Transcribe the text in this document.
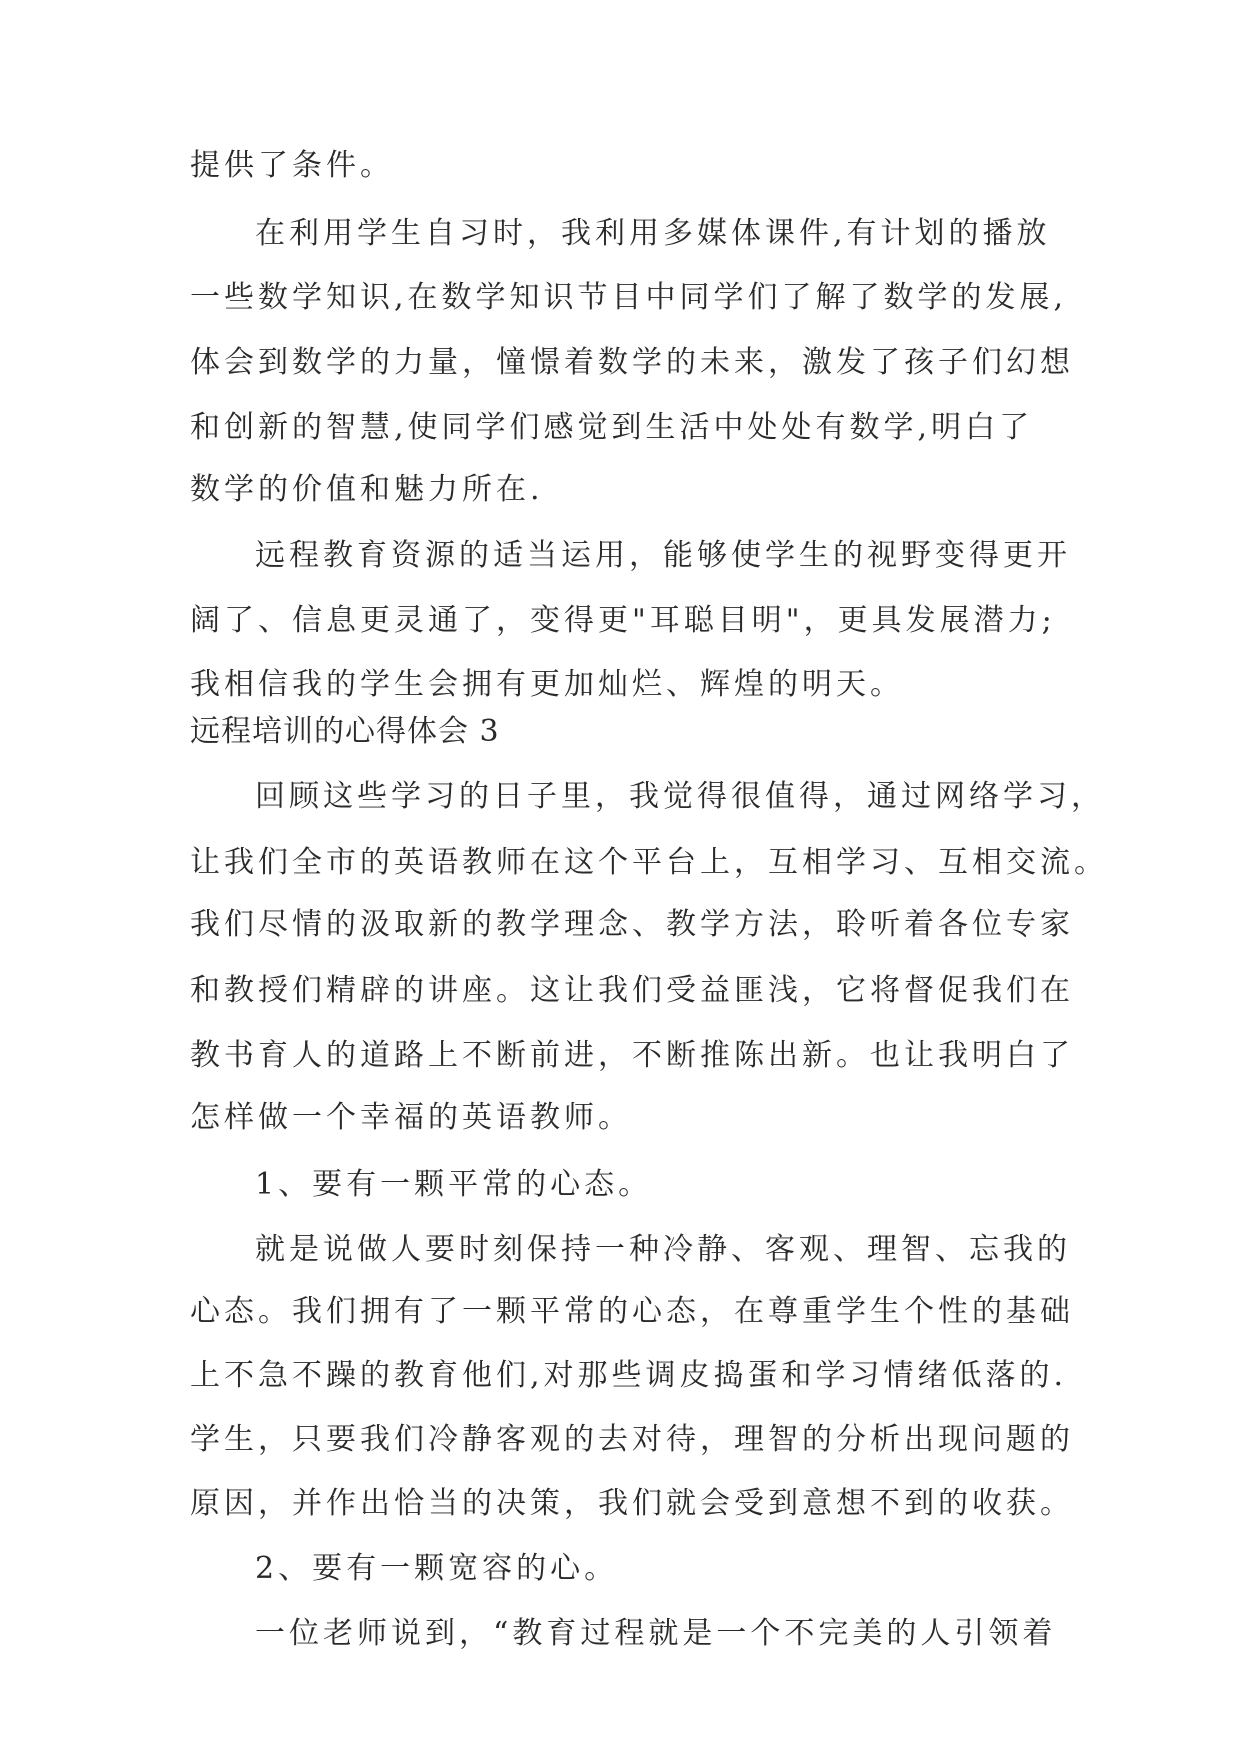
提供了条件。
在利用学生自习时，我利用多媒体课件,有计划的播放
一些数学知识,在数学知识节目中同学们了解了数学的发展,
体会到数学的力量，憧憬着数学的未来，激发了孩子们幻想
和创新的智慧,使同学们感觉到生活中处处有数学,明白了
数学的价值和魅力所在.
远程教育资源的适当运用，能够使学生的视野变得更开
阔了、信息更灵通了，变得更"耳聪目明"，更具发展潜力;
我相信我的学生会拥有更加灿烂、辉煌的明天。
远程培训的心得体会 3
回顾这些学习的日子里，我觉得很值得，通过网络学习，
让我们全市的英语教师在这个平台上，互相学习、互相交流。
我们尽情的汲取新的教学理念、教学方法，聆听着各位专家
和教授们精辟的讲座。这让我们受益匪浅，它将督促我们在
教书育人的道路上不断前进，不断推陈出新。也让我明白了
怎样做一个幸福的英语教师。
1、要有一颗平常的心态。
就是说做人要时刻保持一种冷静、客观、理智、忘我的
心态。我们拥有了一颗平常的心态，在尊重学生个性的基础
上不急不躁的教育他们,对那些调皮捣蛋和学习情绪低落的.
学生，只要我们冷静客观的去对待，理智的分析出现问题的
原因，并作出恰当的决策，我们就会受到意想不到的收获。
2、要有一颗宽容的心。
一位老师说到，“教育过程就是一个不完美的人引领着
